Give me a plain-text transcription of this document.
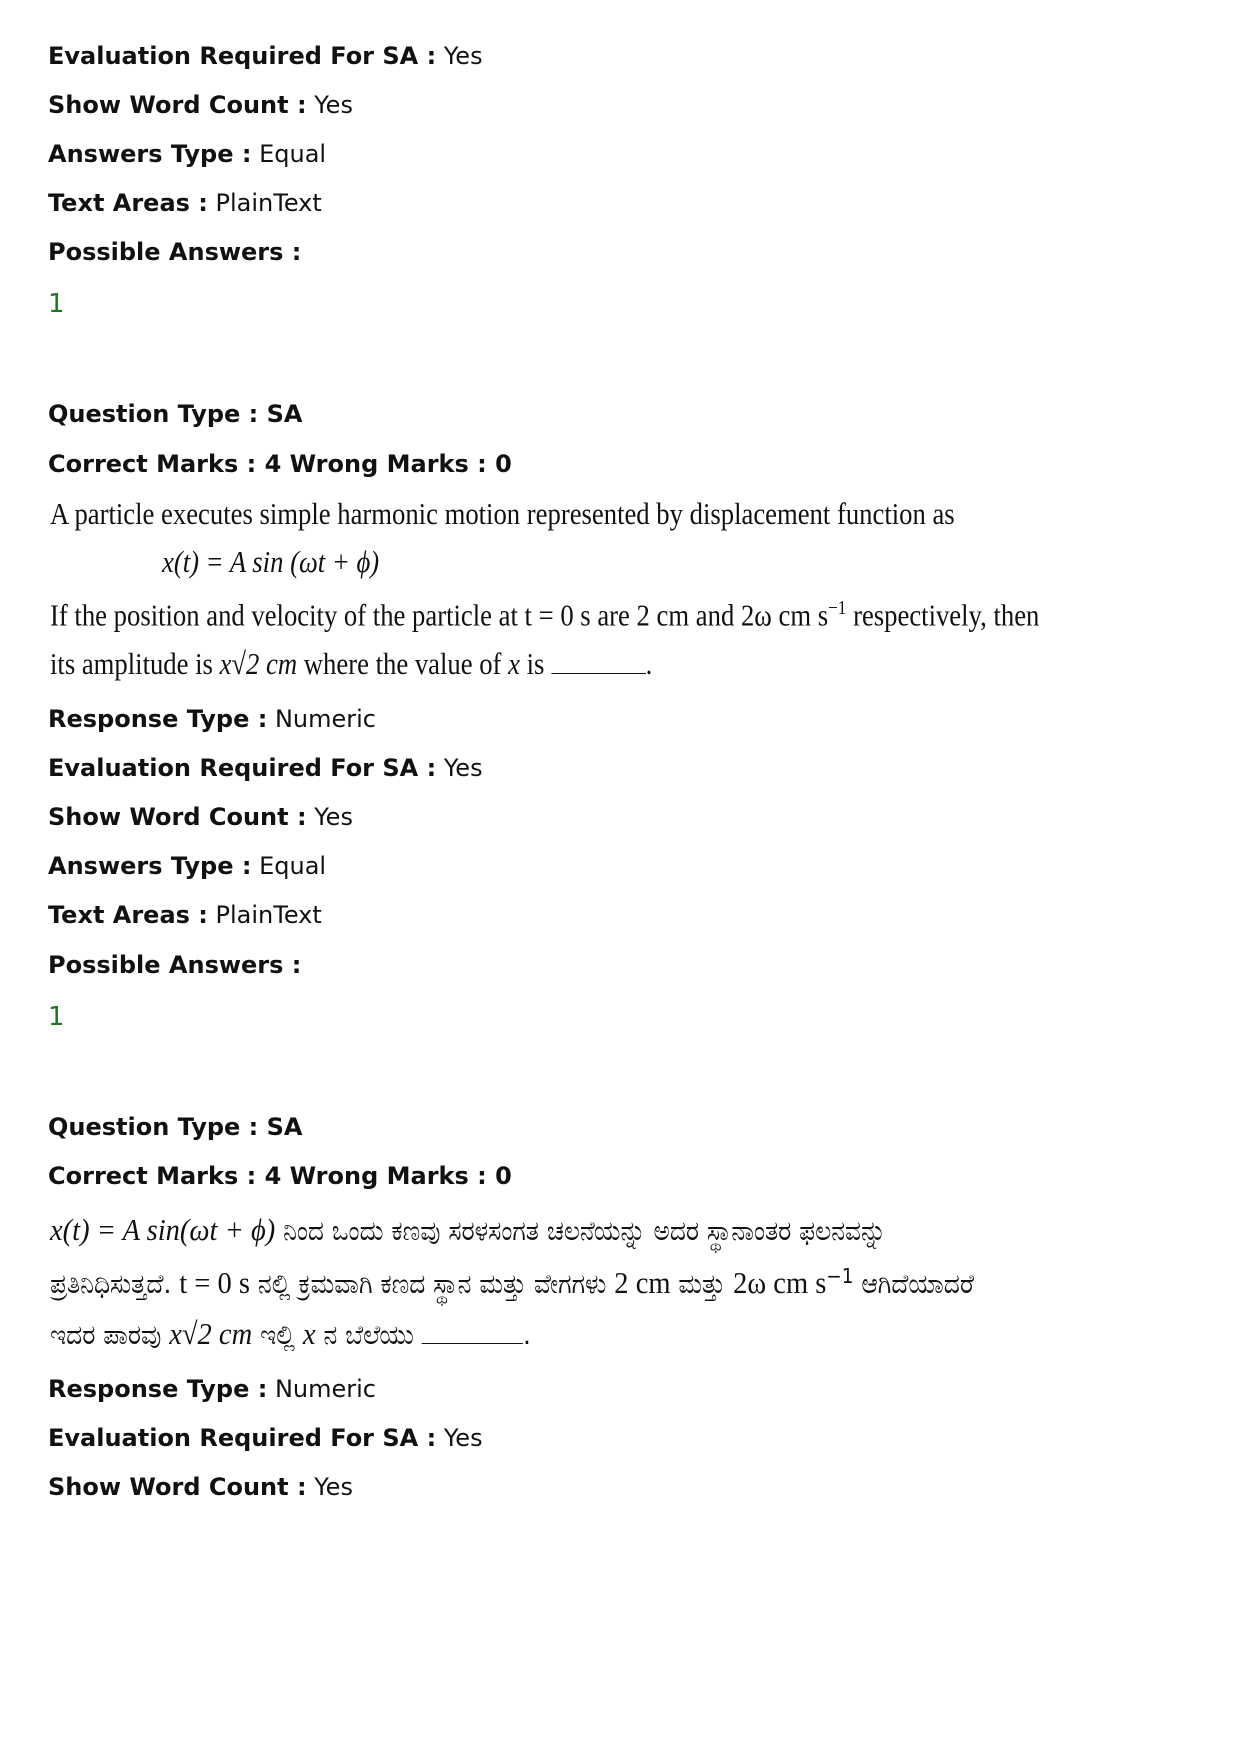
Evaluation Required For SA : Yes
Show Word Count : Yes
Answers Type : Equal
Text Areas : PlainText
Possible Answers :
1
Question Type : SA
Correct Marks : 4 Wrong Marks : 0
A particle executes simple harmonic motion represented by displacement function as
x(t) = A sin (ωt + ϕ)
If the position and velocity of the particle at t = 0 s are 2 cm and 2ω cm $s^{-1}$ respectively, then
its amplitude is x√2 cm where the value of x is	.
Response Type : Numeric
Evaluation Required For SA : Yes
Show Word Count : Yes
Answers Type : Equal
Text Areas : PlainText
Possible Answers :
1
Question Type : SA
Correct Marks : 4 Wrong Marks : 0
x(t) = A sin(ωt + ϕ) ನಿಂದ ಒಂದು ಕಣವು ಸರಳಸಂಗತ ಚಲನೆಯನ್ನು ಅದರ ಸ್ಥಾನಾಂತರ ಫಲನವನ್ನು
ಪ್ರತಿನಿಧಿಸುತ್ತದೆ. t = 0 s ನಲ್ಲಿ ಕ್ರಮವಾಗಿ ಕಣದ ಸ್ಥಾನ ಮತ್ತು ವೇಗಗಳು 2 cm ಮತ್ತು 2ω cm $s^{-1}$ ಆಗಿದೆಯಾದರೆ
ಇದರ ಪಾರವು x√2 cm ಇಲ್ಲಿ x ನ ಬೆಲೆಯು	.
Response Type : Numeric
Evaluation Required For SA : Yes
Show Word Count : Yes
